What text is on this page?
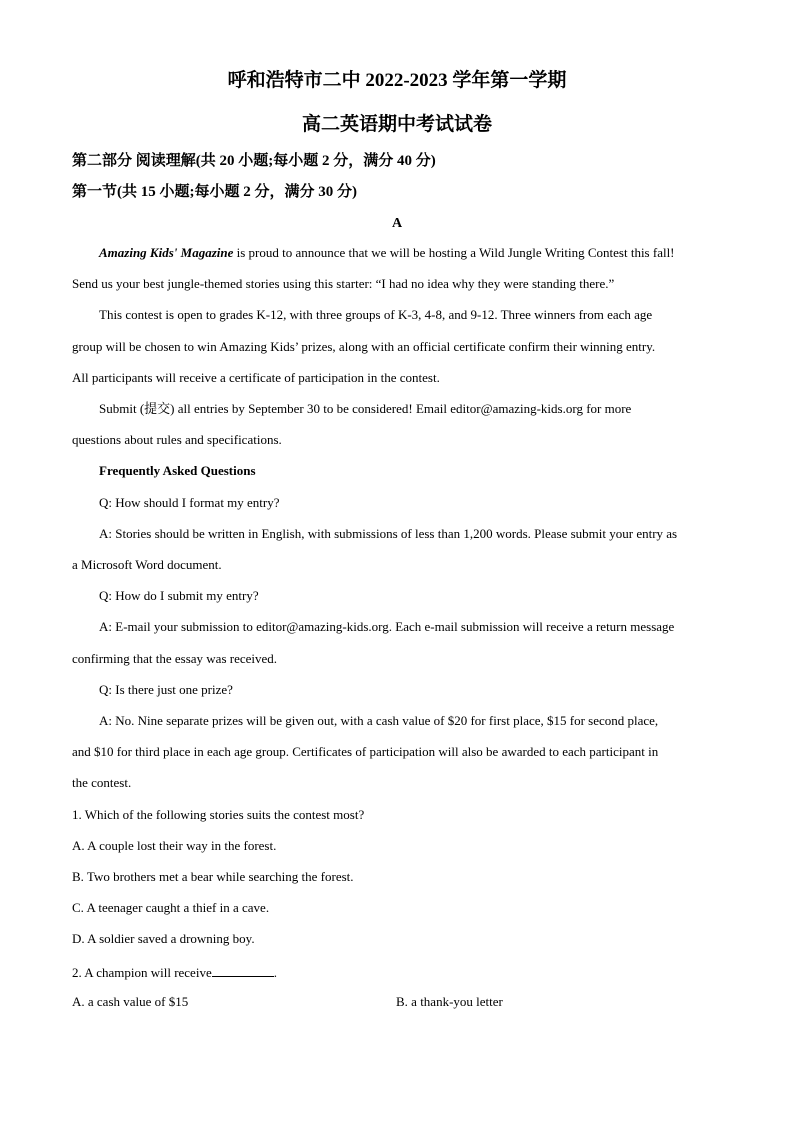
呼和浩特市二中 2022-2023 学年第一学期
高二英语期中考试试卷
第二部分 阅读理解(共 20 小题;每小题 2 分，满分 40 分)
第一节(共 15 小题;每小题 2 分，满分 30 分)
A
Amazing Kids' Magazine is proud to announce that we will be hosting a Wild Jungle Writing Contest this fall!
Send us your best jungle-themed stories using this starter: “I had no idea why they were standing there.”
This contest is open to grades K-12, with three groups of K-3, 4-8, and 9-12. Three winners from each age
group will be chosen to win Amazing Kids’ prizes, along with an official certificate confirm their winning entry.
All participants will receive a certificate of participation in the contest.
Submit (提交) all entries by September 30 to be considered! Email editor@amazing-kids.org for more
questions about rules and specifications.
Frequently Asked Questions
Q: How should I format my entry?
A: Stories should be written in English, with submissions of less than 1,200 words. Please submit your entry as
a Microsoft Word document.
Q: How do I submit my entry?
A: E-mail your submission to editor@amazing-kids.org. Each e-mail submission will receive a return message
confirming that the essay was received.
Q: Is there just one prize?
A: No. Nine separate prizes will be given out, with a cash value of $20 for first place, $15 for second place,
and $10 for third place in each age group. Certificates of participation will also be awarded to each participant in
the contest.
1. Which of the following stories suits the contest most?
A. A couple lost their way in the forest.
B. Two brothers met a bear while searching the forest.
C. A teenager caught a thief in a cave.
D. A soldier saved a drowning boy.
2. A champion will receive	.
A. a cash value of $15	B. a thank-you letter
